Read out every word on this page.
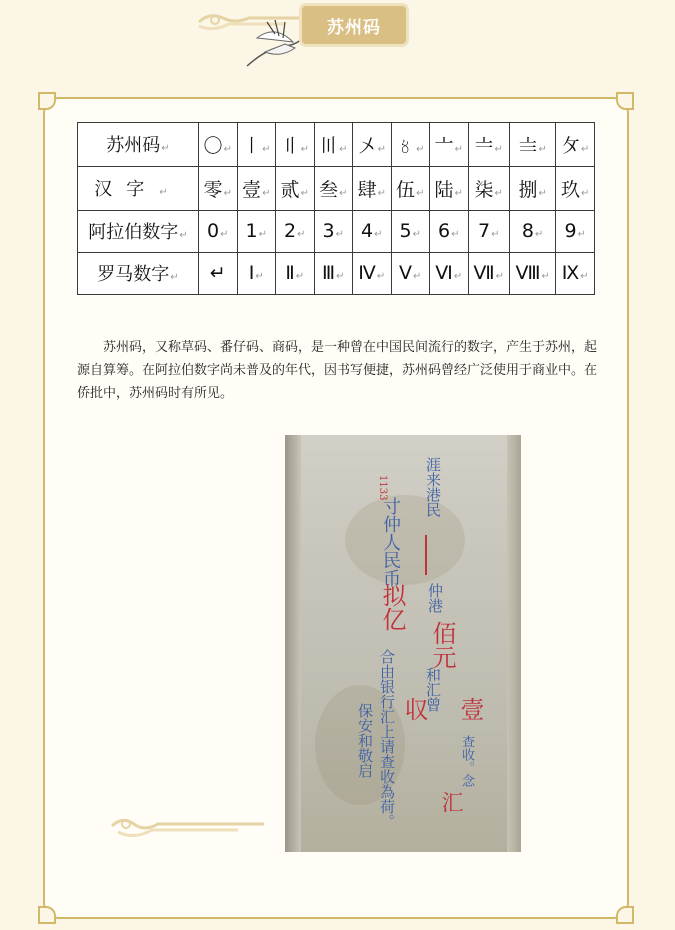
苏州码
苏州码↵	〇↵	〡↵	〢↵	〣↵	〤↵	〥↵	〦↵	〧↵	〨↵	〩↵
汉字↵	零↵	壹↵	贰↵	叁↵	肆↵	伍↵	陆↵	柒↵	捌↵	玖↵
阿拉伯数字↵	0↵	1↵	2↵	3↵	4↵	5↵	6↵	7↵	8↵	9↵
罗马数字↵	↵	Ⅰ↵	Ⅱ↵	Ⅲ↵	Ⅳ↵	Ⅴ↵	Ⅵ↵	Ⅶ↵	Ⅷ↵	Ⅸ↵

苏州码，又称草码、番仔码、商码，是一种曾在中国民间流行的数字，产生于苏州，起源自算筹。在阿拉伯数字尚未普及的年代，因书写便捷，苏州码曾经广泛使用于商业中。在侨批中，苏州码时有所见。

涯来港民
1133
寸仲人民币
拟亿 仲港
佰元
合由银行汇上请查收為荷。 和汇曾
収 壹
查收。念
汇
保安和敬启
